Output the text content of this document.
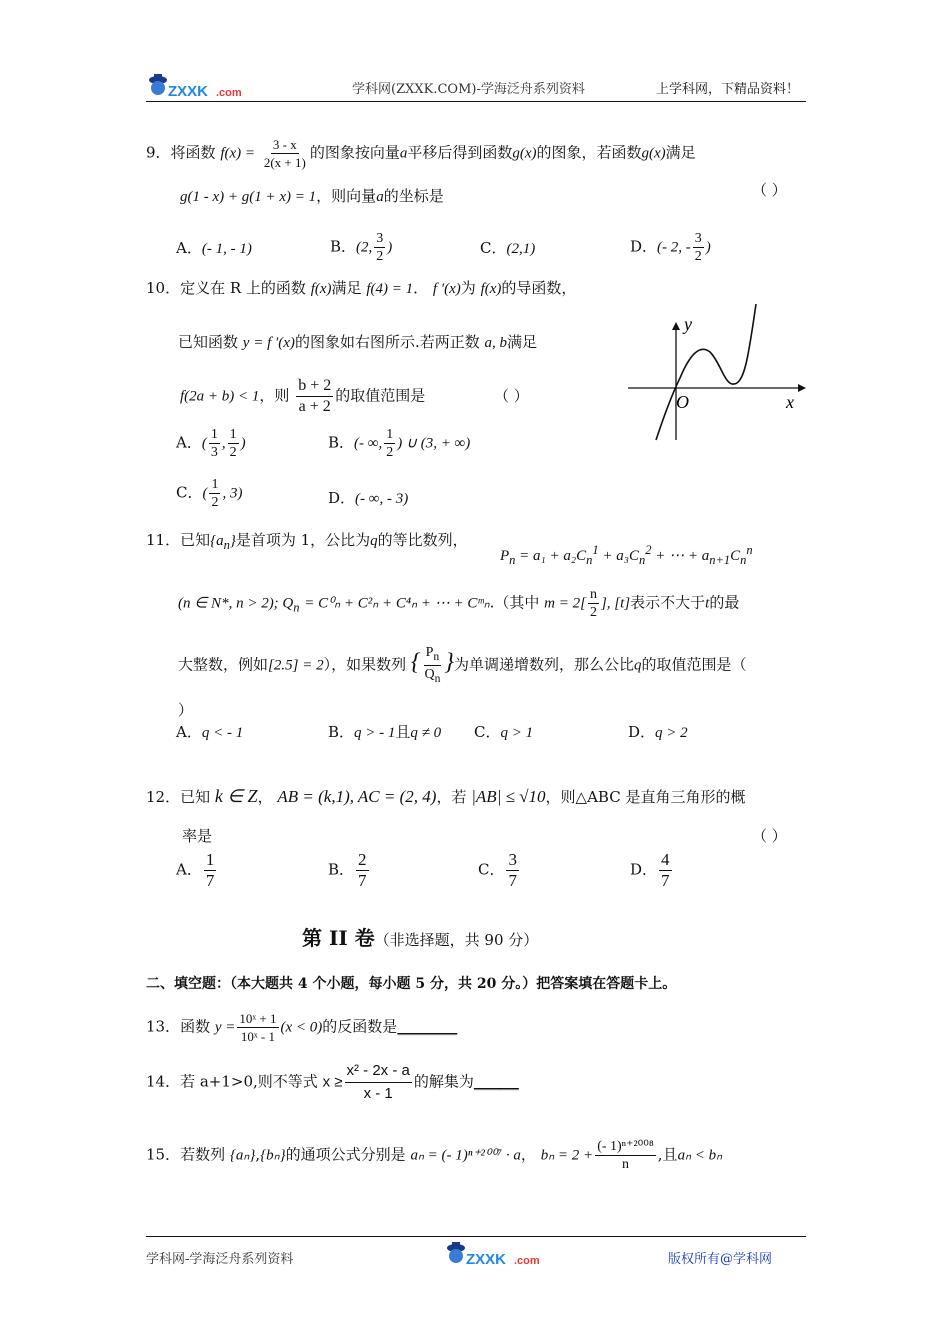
ZXXK .com	学科网(ZXXK.COM)-学海泛舟系列资料	上学科网，下精品资料！
9．将函数 $f(x) = \frac{3 - x}{2(x + 1)}$ 的图象按向量a平移后得到函数g(x)的图象，若函数g(x)满足
g(1 - x) + g(1 + x) = 1，则向量a的坐标是	（ ）
A．(- 1, - 1)	B．(2, $\frac{3}{2}$ )	C．(2,1)	D．(- 2, - $\frac{3}{2}$ )
10．定义在 R 上的函数 f(x)满足 f(4) = 1． f ′(x)为 f(x)的导函数，
已知函数 y = f ′(x)的图象如右图所示.若两正数 a, b满足
f(2a + b) < 1，则 $\frac{b + 2}{a + 2}$ 的取值范围是	（ ）
y
x
O
A．( $\frac{1}{3}$ , $\frac{1}{2}$ )	B．(- ∞, $\frac{1}{2}$ ) ∪ (3, + ∞)
C．( $\frac{1}{2}$ , 3)	D．(- ∞, - 3)
11．已知$\{a_n\}$是首项为 1，公比为q的等比数列，
$P_n = a_1 + a_2C_n^1 + a_3C_n^2$ + ⋯ + $a_{n+1}C_n^n$
(n ∈ N*, n > 2); $Q_n = C^0_n + C^2_n + C^4_n$ + ⋯ + Cᵐₙ.（其中 $m = 2[ \frac{n}{2}$ ], [t]表示不大于t的最
大整数，例如[2.5] = 2），如果数列 { $\frac{P_n}{Q_n}$ }为单调递增数列，那么公比q的取值范围是（
）
A．q < - 1	B．q > - 1且q ≠ 0 C．q > 1	D．q > 2
12．已知 k ∈ Z， AB = (k,1), AC = (2, 4)，若 |AB| ≤ √10，则△ABC 是直角三角形的概
率是	（ ）
A． $\frac{1}{7}$	B． $\frac{2}{7}$	C． $\frac{3}{7}$	D． $\frac{4}{7}$
第 II 卷（非选择题，共 90 分）
二、填空题：（本大题共 4 个小题，每小题 5 分，共 20 分。）把答案填在答题卡上。
13．函数 $y = \frac{\text{10ˣ + 1}}{\text{10ˣ - 1}} (x < 0)$的反函数是________
14．若 a+1>0,则不等式 $x \ge \frac{\text{x² - 2x - a}}{x - 1}$ 的解集为______
15．若数列 {aₙ},{bₙ}的通项公式分别是 aₙ = (- 1)ⁿ⁺²⁰⁰⁷ · a， $b_n = 2 + \frac{\text{(- 1)ⁿ⁺²⁰⁰⁸}}{n}$ ,且aₙ < bₙ
学科网-学海泛舟系列资料	ZXXK .com	版权所有@学科网
